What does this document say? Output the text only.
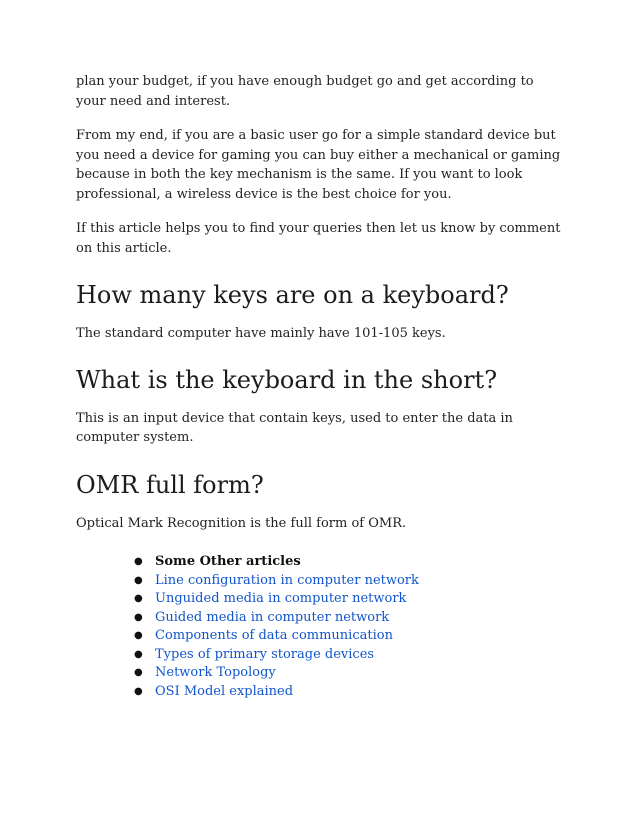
plan your budget, if you have enough budget go and get according to your need and interest.

From my end, if you are a basic user go for a simple standard device but you need a device for gaming you can buy either a mechanical or gaming because in both the key mechanism is the same. If you want to look professional, a wireless device is the best choice for you.

If this article helps you to find your queries then let us know by comment on this article.

How many keys are on a keyboard?

The standard computer have mainly have 101-105 keys.

What is the keyboard in the short?

This is an input device that contain keys, used to enter the data in computer system.

OMR full form?

Optical Mark Recognition is the full form of OMR.

● Some Other articles
● Line configuration in computer network
● Unguided media in computer network
● Guided media in computer network
● Components of data communication
● Types of primary storage devices
● Network Topology
● OSI Model explained
